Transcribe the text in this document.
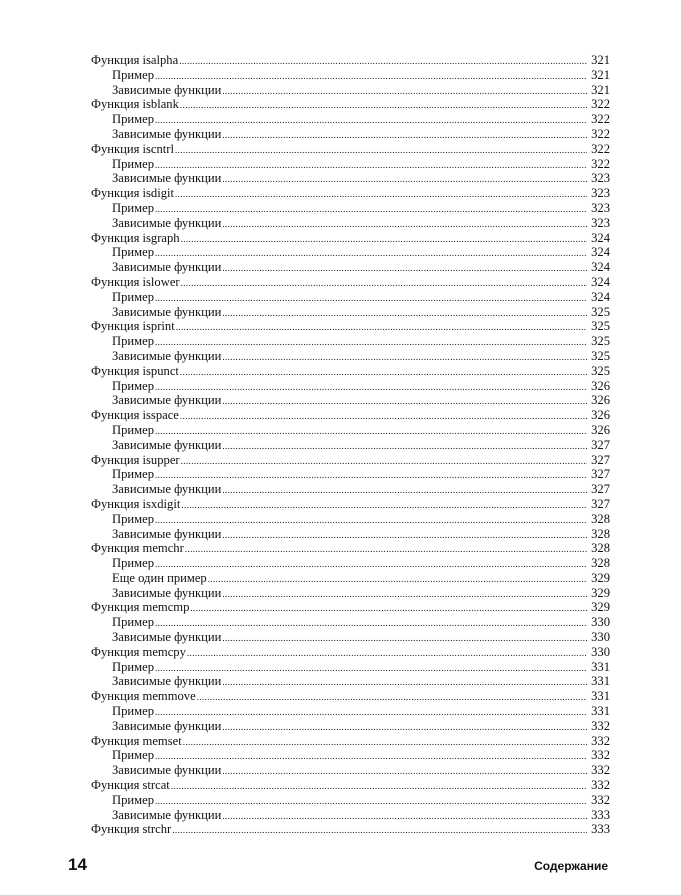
Функция isalpha .....	321
Пример .....	321
Зависимые функции .....	321
Функция isblank .....	322
Пример .....	322
Зависимые функции .....	322
Функция iscntrl .....	322
Пример .....	322
Зависимые функции .....	323
Функция isdigit .....	323
Пример .....	323
Зависимые функции .....	323
Функция isgraph .....	324
Пример .....	324
Зависимые функции .....	324
Функция islower .....	324
Пример .....	324
Зависимые функции .....	325
Функция isprint .....	325
Пример .....	325
Зависимые функции .....	325
Функция ispunct .....	325
Пример .....	326
Зависимые функции .....	326
Функция isspace .....	326
Пример .....	326
Зависимые функции .....	327
Функция isupper .....	327
Пример .....	327
Зависимые функции .....	327
Функция isxdigit .....	327
Пример .....	328
Зависимые функции .....	328
Функция memchr .....	328
Пример .....	328
Еще один пример .....	329
Зависимые функции .....	329
Функция memcmp .....	329
Пример .....	330
Зависимые функции .....	330
Функция memcpy .....	330
Пример .....	331
Зависимые функции .....	331
Функция memmove .....	331
Пример .....	331
Зависимые функции .....	332
Функция memset .....	332
Пример .....	332
Зависимые функции .....	332
Функция strcat .....	332
Пример .....	332
Зависимые функции .....	333
Функция strchr .....	333
14	Содержание
